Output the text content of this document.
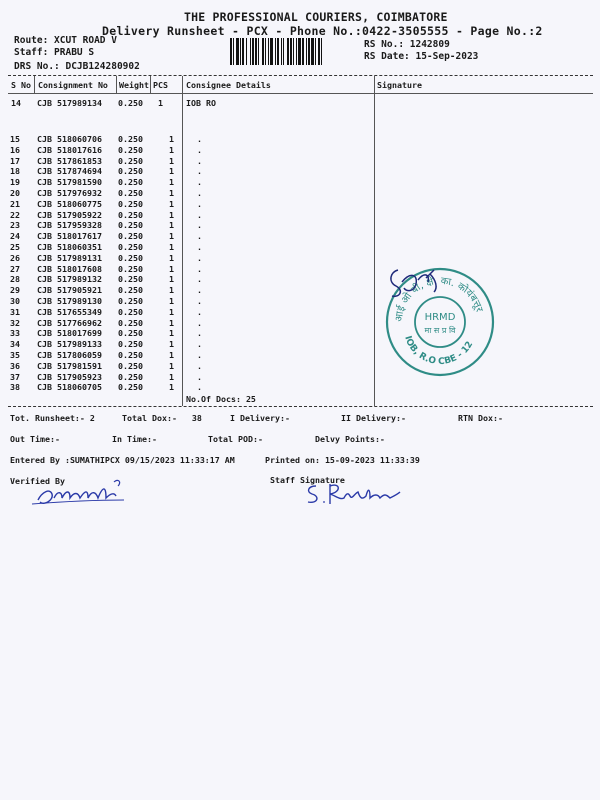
THE PROFESSIONAL COURIERS, COIMBATORE
Delivery Runsheet - PCX - Phone No.:0422-3505555 - Page No.:2
Route: XCUT ROAD V
Staff: PRABU S
DRS No.: DCJB124280902
RS No.: 1242809
RS Date: 15-Sep-2023
S No Consignment No Weight PCS Consignee Details	Signature
14 CJB 517989134 0.250 1	IOB RO
15	CJB 518060706	0.250	1	.
16	CJB 518017616	0.250	1	.
17	CJB 517861853	0.250	1	.
18	CJB 517874694	0.250	1	.
19	CJB 517981590	0.250	1	.
20	CJB 517976932	0.250	1	.
21	CJB 518060775	0.250	1	.
22	CJB 517905922	0.250	1	.
23	CJB 517959328	0.250	1	.
24	CJB 518017617	0.250	1	.
25	CJB 518060351	0.250	1	.
26	CJB 517989131	0.250	1	.
27	CJB 518017608	0.250	1	.
28	CJB 517989132	0.250	1	.
29	CJB 517905921	0.250	1	.
30	CJB 517989130	0.250	1	.
31	CJB 517655349	0.250	1	.
32	CJB 517766962	0.250	1	.
33	CJB 518017699	0.250	1	.
34	CJB 517989133	0.250	1	.
35	CJB 517806059	0.250	1	.
36	CJB 517981591	0.250	1	.
37	CJB 517905923	0.250	1	.
38	CJB 518060705	0.250	1	.
No.Of Docs: 25
Tot. Runsheet:- 2	Total Dox:-   38	I Delivery:-	II Delivery:-	RTN Dox:-
Out Time:-	In Time:-	Total POD:-	Delvy Points:-
Entered By :SUMATHIPCX 09/15/2023 11:33:17 AM	Printed on: 15-09-2023 11:33:39
Verified By	Staff Signature
आई ओ बी, क्षे. का. कोयंबत्तूर
IOB, R.O CBE - 12
HRMD
मा स प्र वि
